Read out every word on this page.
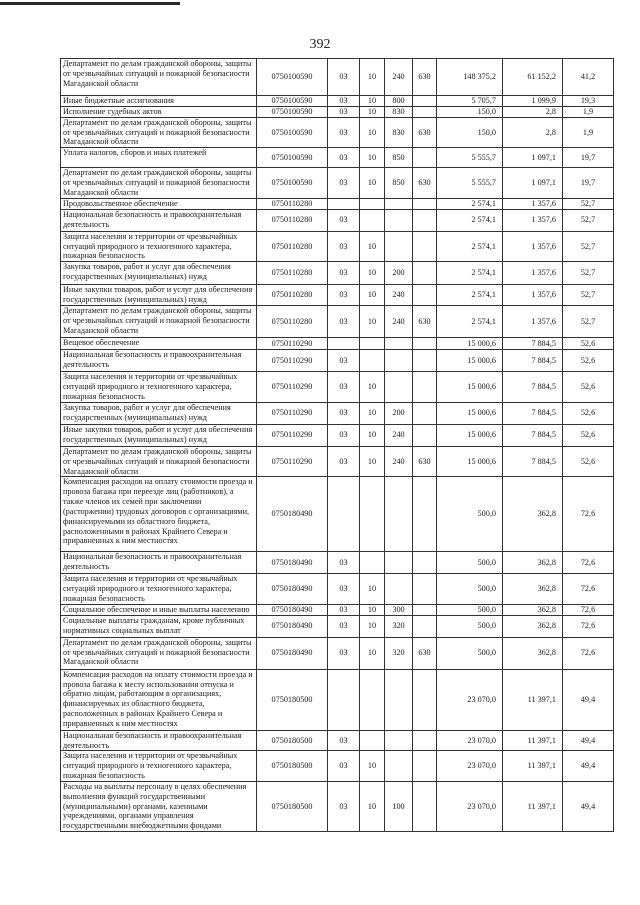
392
Департамент по делам гражданской обороны, защиты от чрезвычайных ситуаций и пожарной безопасности Магаданской области	0750100590	03	10	240	630	148 375,2	61 152,2	41,2
Иные бюджетные ассигнования	0750100590	03	10	800		5 705,7	1 099,9	19,3
Исполнение судебных актов	0750100590	03	10	830		150,0	2,8	1,9
Департамент по делам гражданской обороны, защиты от чрезвычайных ситуаций и пожарной безопасности Магаданской области	0750100590	03	10	830	630	150,0	2,8	1,9
Уплата налогов, сборов и иных платежей	0750100590	03	10	850		5 555,7	1 097,1	19,7
Департамент по делам гражданской обороны, защиты от чрезвычайных ситуаций и пожарной безопасности Магаданской области	0750100590	03	10	850	630	5 555,7	1 097,1	19,7
Продовольственное обеспечение	0750110280					2 574,1	1 357,6	52,7
Национальная безопасность и правоохранительная деятельность	0750110280	03				2 574,1	1 357,6	52,7
Защита населения и территории от чрезвычайных ситуаций природного и техногенного характера, пожарная безопасность	0750110280	03	10			2 574,1	1 357,6	52,7
Закупка товаров, работ и услуг для обеспечения государственных (муниципальных) нужд	0750110280	03	10	200		2 574,1	1 357,6	52,7
Иные закупки товаров, работ и услуг для обеспечения государственных (муниципальных) нужд	0750110280	03	10	240		2 574,1	1 357,6	52,7
Департамент по делам гражданской обороны, защиты от чрезвычайных ситуаций и пожарной безопасности Магаданской области	0750110280	03	10	240	630	2 574,1	1 357,6	52,7
Вещевое обеспечение	0750110290					15 000,6	7 884,5	52,6
Национальная безопасность и правоохранительная деятельность	0750110290	03				15 000,6	7 884,5	52,6
Защита населения и территории от чрезвычайных ситуаций природного и техногенного характера, пожарная безопасность	0750110290	03	10			15 000,6	7 884,5	52,6
Закупка товаров, работ и услуг для обеспечения государственных (муниципальных) нужд	0750110290	03	10	200		15 000,6	7 884,5	52,6
Иные закупки товаров, работ и услуг для обеспечения государственных (муниципальных) нужд	0750110290	03	10	240		15 000,6	7 884,5	52,6
Департамент по делам гражданской обороны, защиты от чрезвычайных ситуаций и пожарной безопасности Магаданской области	0750110290	03	10	240	630	15 000,6	7 884,5	52,6
Компенсация расходов на оплату стоимости проезда и провоза багажа при переезде лиц (работников), а также членов их семей при заключении (расторжении) трудовых договоров с организациями, финансируемыми из областного бюджета, расположенными в районах Крайнего Севера и приравненных к ним местностях	0750180490					500,0	362,8	72,6
Национальная безопасность и правоохранительная деятельность	0750180490	03				500,0	362,8	72,6
Защита населения и территории от чрезвычайных ситуаций природного и техногенного характера, пожарная безопасность	0750180490	03	10			500,0	362,8	72,6
Социальное обеспечение и иные выплаты населению	0750180490	03	10	300		500,0	362,8	72,6
Социальные выплаты гражданам, кроме публичных нормативных социальных выплат	0750180490	03	10	320		500,0	362,8	72,6
Департамент по делам гражданской обороны, защиты от чрезвычайных ситуаций и пожарной безопасности Магаданской области	0750180490	03	10	320	630	500,0	362,8	72,6
Компенсация расходов на оплату стоимости проезда и провоза багажа к месту использования отпуска и обратно лицам, работающим в организациях, финансируемых из областного бюджета, расположенных в районах Крайнего Севера и приравненных к ним местностях	0750180500					23 070,0	11 397,1	49,4
Национальная безопасность и правоохранительная деятельность	0750180500	03				23 070,0	11 397,1	49,4
Защита населения и территории от чрезвычайных ситуаций природного и техногенного характера, пожарная безопасность	0750180500	03	10			23 070,0	11 397,1	49,4
Расходы на выплаты персоналу в целях обеспечения выполнения функций государственными (муниципальными) органами, казенными учреждениями, органами управления государственными внебюджетными фондами	0750180500	03	10	100		23 070,0	11 397,1	49,4
